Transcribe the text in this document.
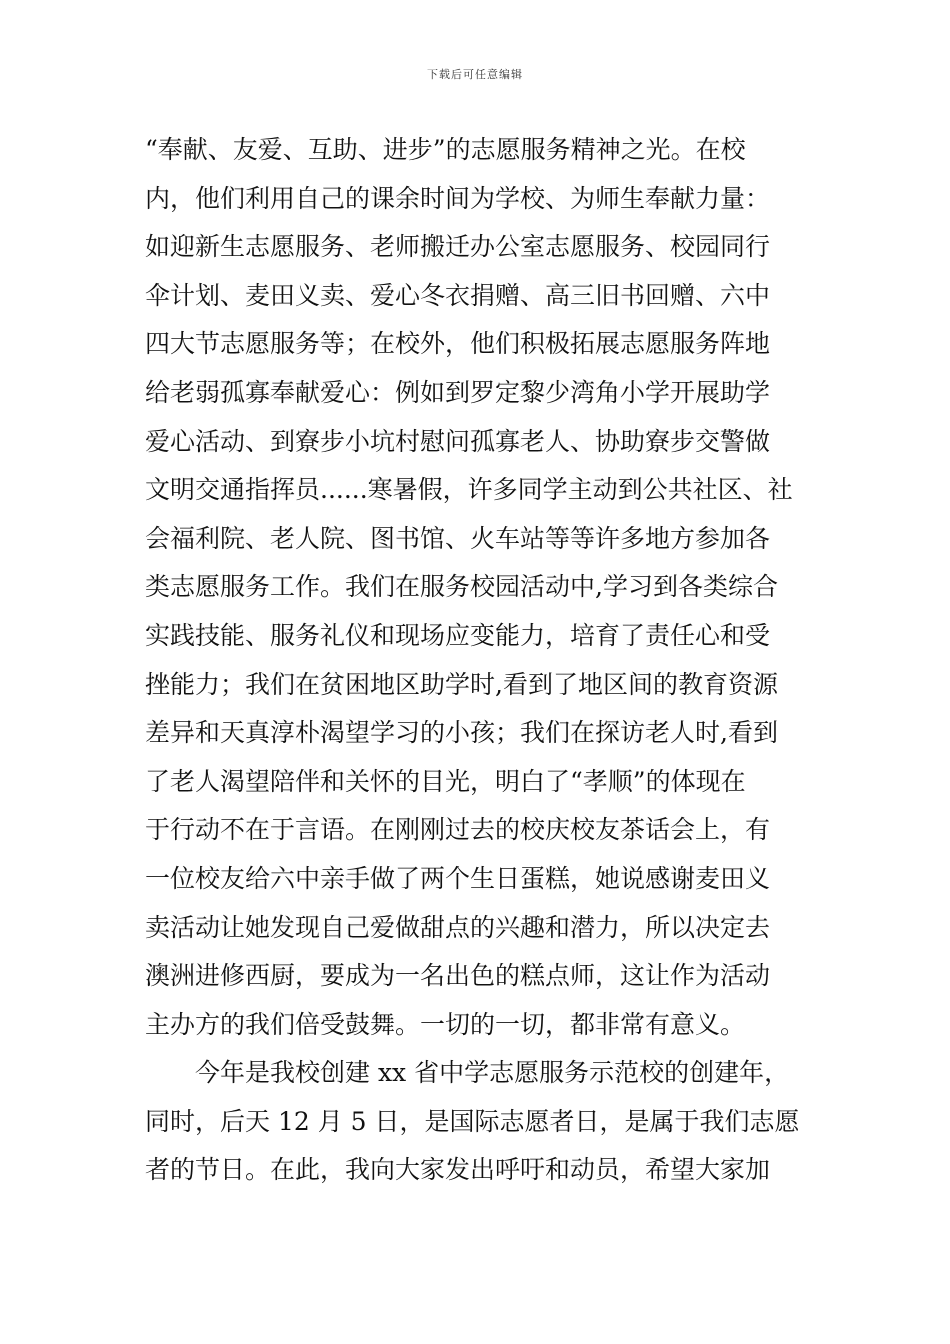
下载后可任意编辑
“奉献、友爱、互助、进步”的志愿服务精神之光。在校
内，他们利用自己的课余时间为学校、为师生奉献力量：
如迎新生志愿服务、老师搬迁办公室志愿服务、校园同行
伞计划、麦田义卖、爱心冬衣捐赠、高三旧书回赠、六中
四大节志愿服务等；在校外，他们积极拓展志愿服务阵地
给老弱孤寡奉献爱心：例如到罗定黎少湾角小学开展助学
爱心活动、到寮步小坑村慰问孤寡老人、协助寮步交警做
文明交通指挥员......寒暑假，许多同学主动到公共社区、社
会福利院、老人院、图书馆、火车站等等许多地方参加各
类志愿服务工作。我们在服务校园活动中,学习到各类综合
实践技能、服务礼仪和现场应变能力，培育了责任心和受
挫能力；我们在贫困地区助学时,看到了地区间的教育资源
差异和天真淳朴渴望学习的小孩；我们在探访老人时,看到
了老人渴望陪伴和关怀的目光，明白了“孝顺”的体现在
于行动不在于言语。在刚刚过去的校庆校友茶话会上，有
一位校友给六中亲手做了两个生日蛋糕，她说感谢麦田义
卖活动让她发现自己爱做甜点的兴趣和潜力，所以决定去
澳洲进修西厨，要成为一名出色的糕点师，这让作为活动
主办方的我们倍受鼓舞。一切的一切，都非常有意义。
今年是我校创建 xx 省中学志愿服务示范校的创建年，
同时，后天 12 月 5 日，是国际志愿者日，是属于我们志愿
者的节日。在此，我向大家发出呼吁和动员，希望大家加
